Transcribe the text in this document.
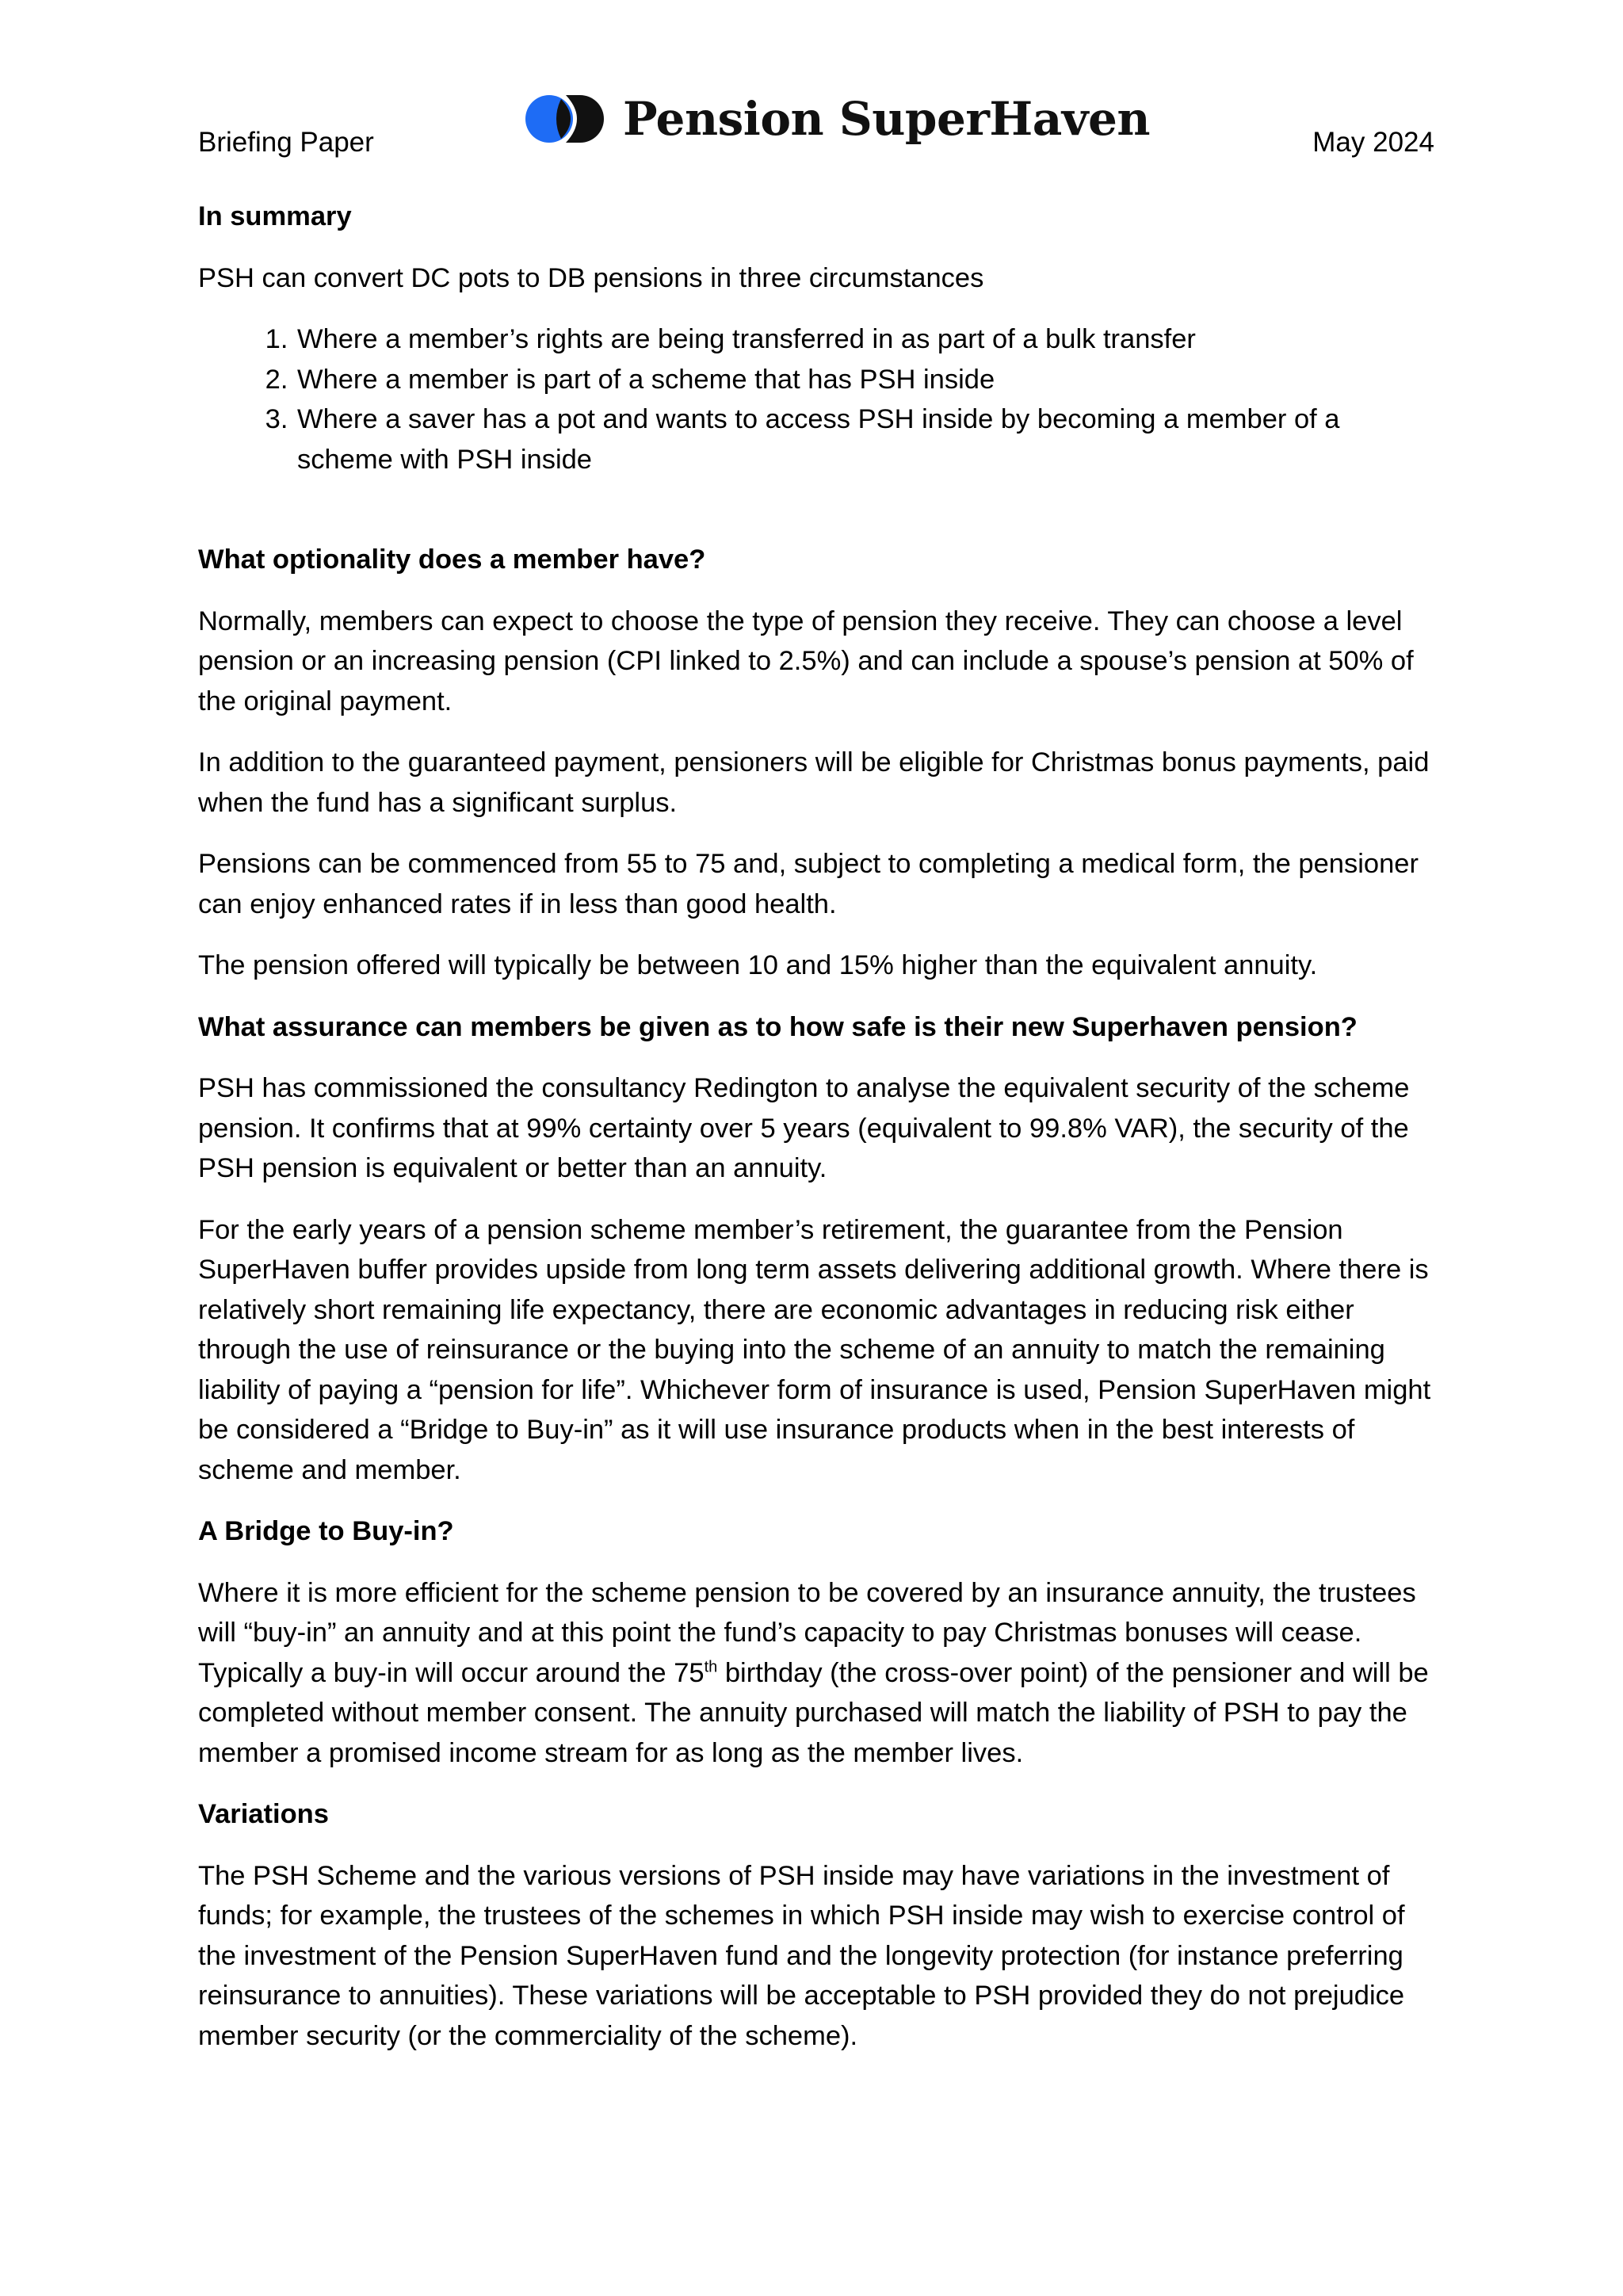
Briefing Paper	Pension SuperHaven	May 2024
In summary

PSH can convert DC pots to DB pensions in three circumstances

1. Where a member’s rights are being transferred in as part of a bulk transfer
2. Where a member is part of a scheme that has PSH inside
3. Where a saver has a pot and wants to access PSH inside by becoming a member of a scheme with PSH inside
What optionality does a member have?

Normally, members can expect to choose the type of pension they receive. They can choose a level pension or an increasing pension (CPI linked to 2.5%) and can include a spouse’s pension at 50% of the original payment.

In addition to the guaranteed payment, pensioners will be eligible for Christmas bonus payments, paid when the fund has a significant surplus.

Pensions can be commenced from 55 to 75 and, subject to completing a medical form, the pensioner can enjoy enhanced rates if in less than good health.

The pension offered will typically be between 10 and 15% higher than the equivalent annuity.

What assurance can members be given as to how safe is their new Superhaven pension?

PSH has commissioned the consultancy Redington to analyse the equivalent security of the scheme pension. It confirms that at 99% certainty over 5 years (equivalent to 99.8% VAR), the security of the PSH pension is equivalent or better than an annuity.

For the early years of a pension scheme member’s retirement, the guarantee from the Pension SuperHaven buffer provides upside from long term assets delivering additional growth. Where there is relatively short remaining life expectancy, there are economic advantages in reducing risk either through the use of reinsurance or the buying into the scheme of an annuity to match the remaining liability of paying a “pension for life”. Whichever form of insurance is used, Pension SuperHaven might be considered a “Bridge to Buy-in” as it will use insurance products when in the best interests of scheme and member.

A Bridge to Buy-in?

Where it is more efficient for the scheme pension to be covered by an insurance annuity, the trustees will “buy-in” an annuity and at this point the fund’s capacity to pay Christmas bonuses will cease. Typically a buy-in will occur around the 75th birthday (the cross-over point) of the pensioner and will be completed without member consent. The annuity purchased will match the liability of PSH to pay the member a promised income stream for as long as the member lives.

Variations

The PSH Scheme and the various versions of PSH inside may have variations in the investment of funds; for example, the trustees of the schemes in which PSH inside may wish to exercise control of the investment of the Pension SuperHaven fund and the longevity protection (for instance preferring reinsurance to annuities). These variations will be acceptable to PSH provided they do not prejudice member security (or the commerciality of the scheme).
